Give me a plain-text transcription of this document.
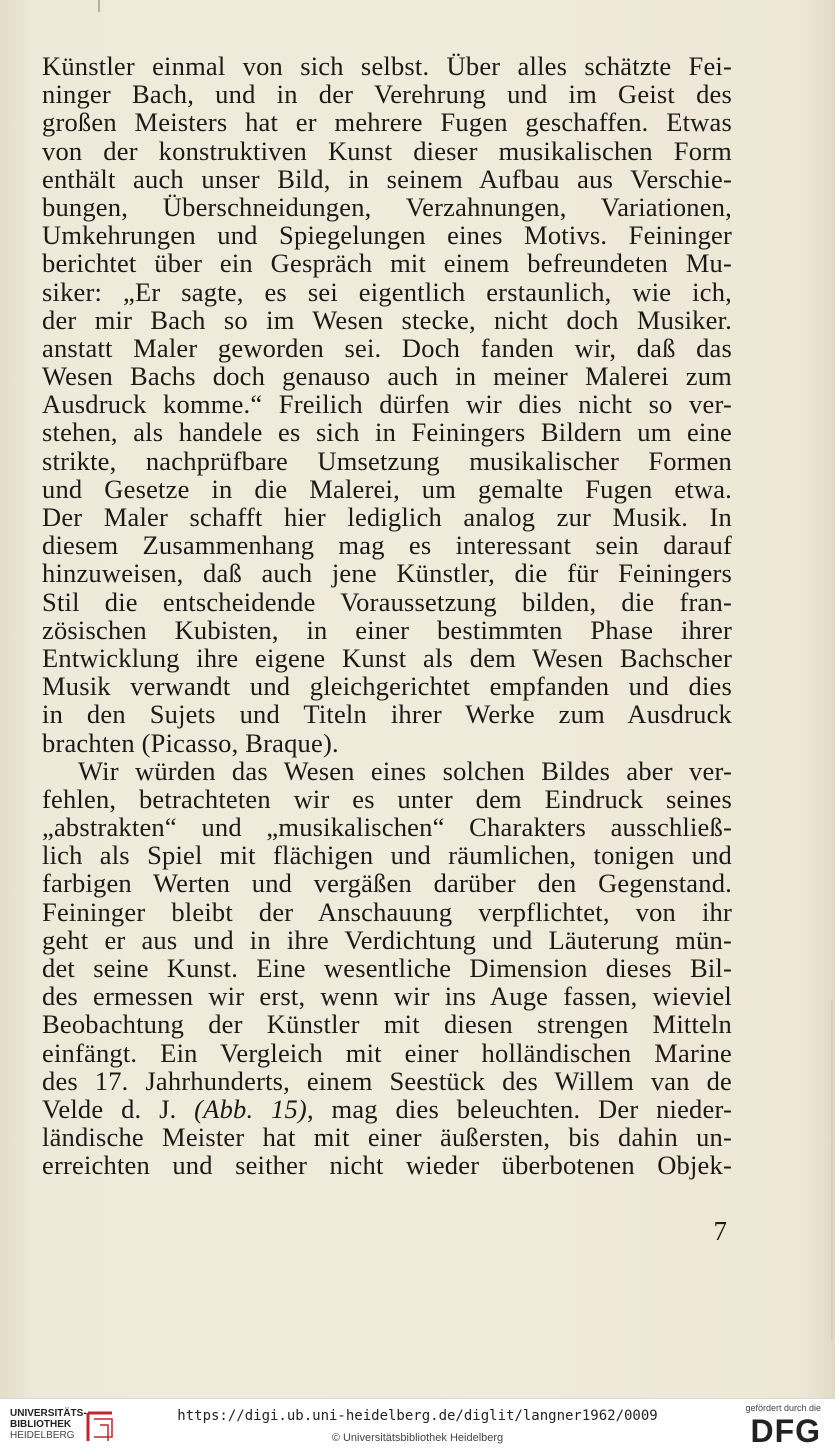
Künstler einmal von sich selbst. Über alles schätzte Fei-
ninger Bach, und in der Verehrung und im Geist des
großen Meisters hat er mehrere Fugen geschaffen. Etwas
von der konstruktiven Kunst dieser musikalischen Form
enthält auch unser Bild, in seinem Aufbau aus Verschie-
bungen, Überschneidungen, Verzahnungen, Variationen,
Umkehrungen und Spiegelungen eines Motivs. Feininger
berichtet über ein Gespräch mit einem befreundeten Mu-
siker: „Er sagte, es sei eigentlich erstaunlich, wie ich,
der mir Bach so im Wesen stecke, nicht doch Musiker.
anstatt Maler geworden sei. Doch fanden wir, daß das
Wesen Bachs doch genauso auch in meiner Malerei zum
Ausdruck komme.“ Freilich dürfen wir dies nicht so ver-
stehen, als handele es sich in Feiningers Bildern um eine
strikte, nachprüfbare Umsetzung musikalischer Formen
und Gesetze in die Malerei, um gemalte Fugen etwa.
Der Maler schafft hier lediglich analog zur Musik. In
diesem Zusammenhang mag es interessant sein darauf
hinzuweisen, daß auch jene Künstler, die für Feiningers
Stil die entscheidende Voraussetzung bilden, die fran-
zösischen Kubisten, in einer bestimmten Phase ihrer
Entwicklung ihre eigene Kunst als dem Wesen Bachscher
Musik verwandt und gleichgerichtet empfanden und dies
in den Sujets und Titeln ihrer Werke zum Ausdruck
brachten (Picasso, Braque).
Wir würden das Wesen eines solchen Bildes aber ver-
fehlen, betrachteten wir es unter dem Eindruck seines
„abstrakten“ und „musikalischen“ Charakters ausschließ-
lich als Spiel mit flächigen und räumlichen, tonigen und
farbigen Werten und vergäßen darüber den Gegenstand.
Feininger bleibt der Anschauung verpflichtet, von ihr
geht er aus und in ihre Verdichtung und Läuterung mün-
det seine Kunst. Eine wesentliche Dimension dieses Bil-
des ermessen wir erst, wenn wir ins Auge fassen, wieviel
Beobachtung der Künstler mit diesen strengen Mitteln
einfängt. Ein Vergleich mit einer holländischen Marine
des 17. Jahrhunderts, einem Seestück des Willem van de
Velde d. J. (Abb. 15), mag dies beleuchten. Der nieder-
ländische Meister hat mit einer äußersten, bis dahin un-
erreichten und seither nicht wieder überbotenen Objek-
7
UNIVERSITÄTS-
BIBLIOTHEK
HEIDELBERG
https://digi.ub.uni-heidelberg.de/diglit/langner1962/0009
© Universitätsbibliothek Heidelberg
gefördert durch die
DFG
